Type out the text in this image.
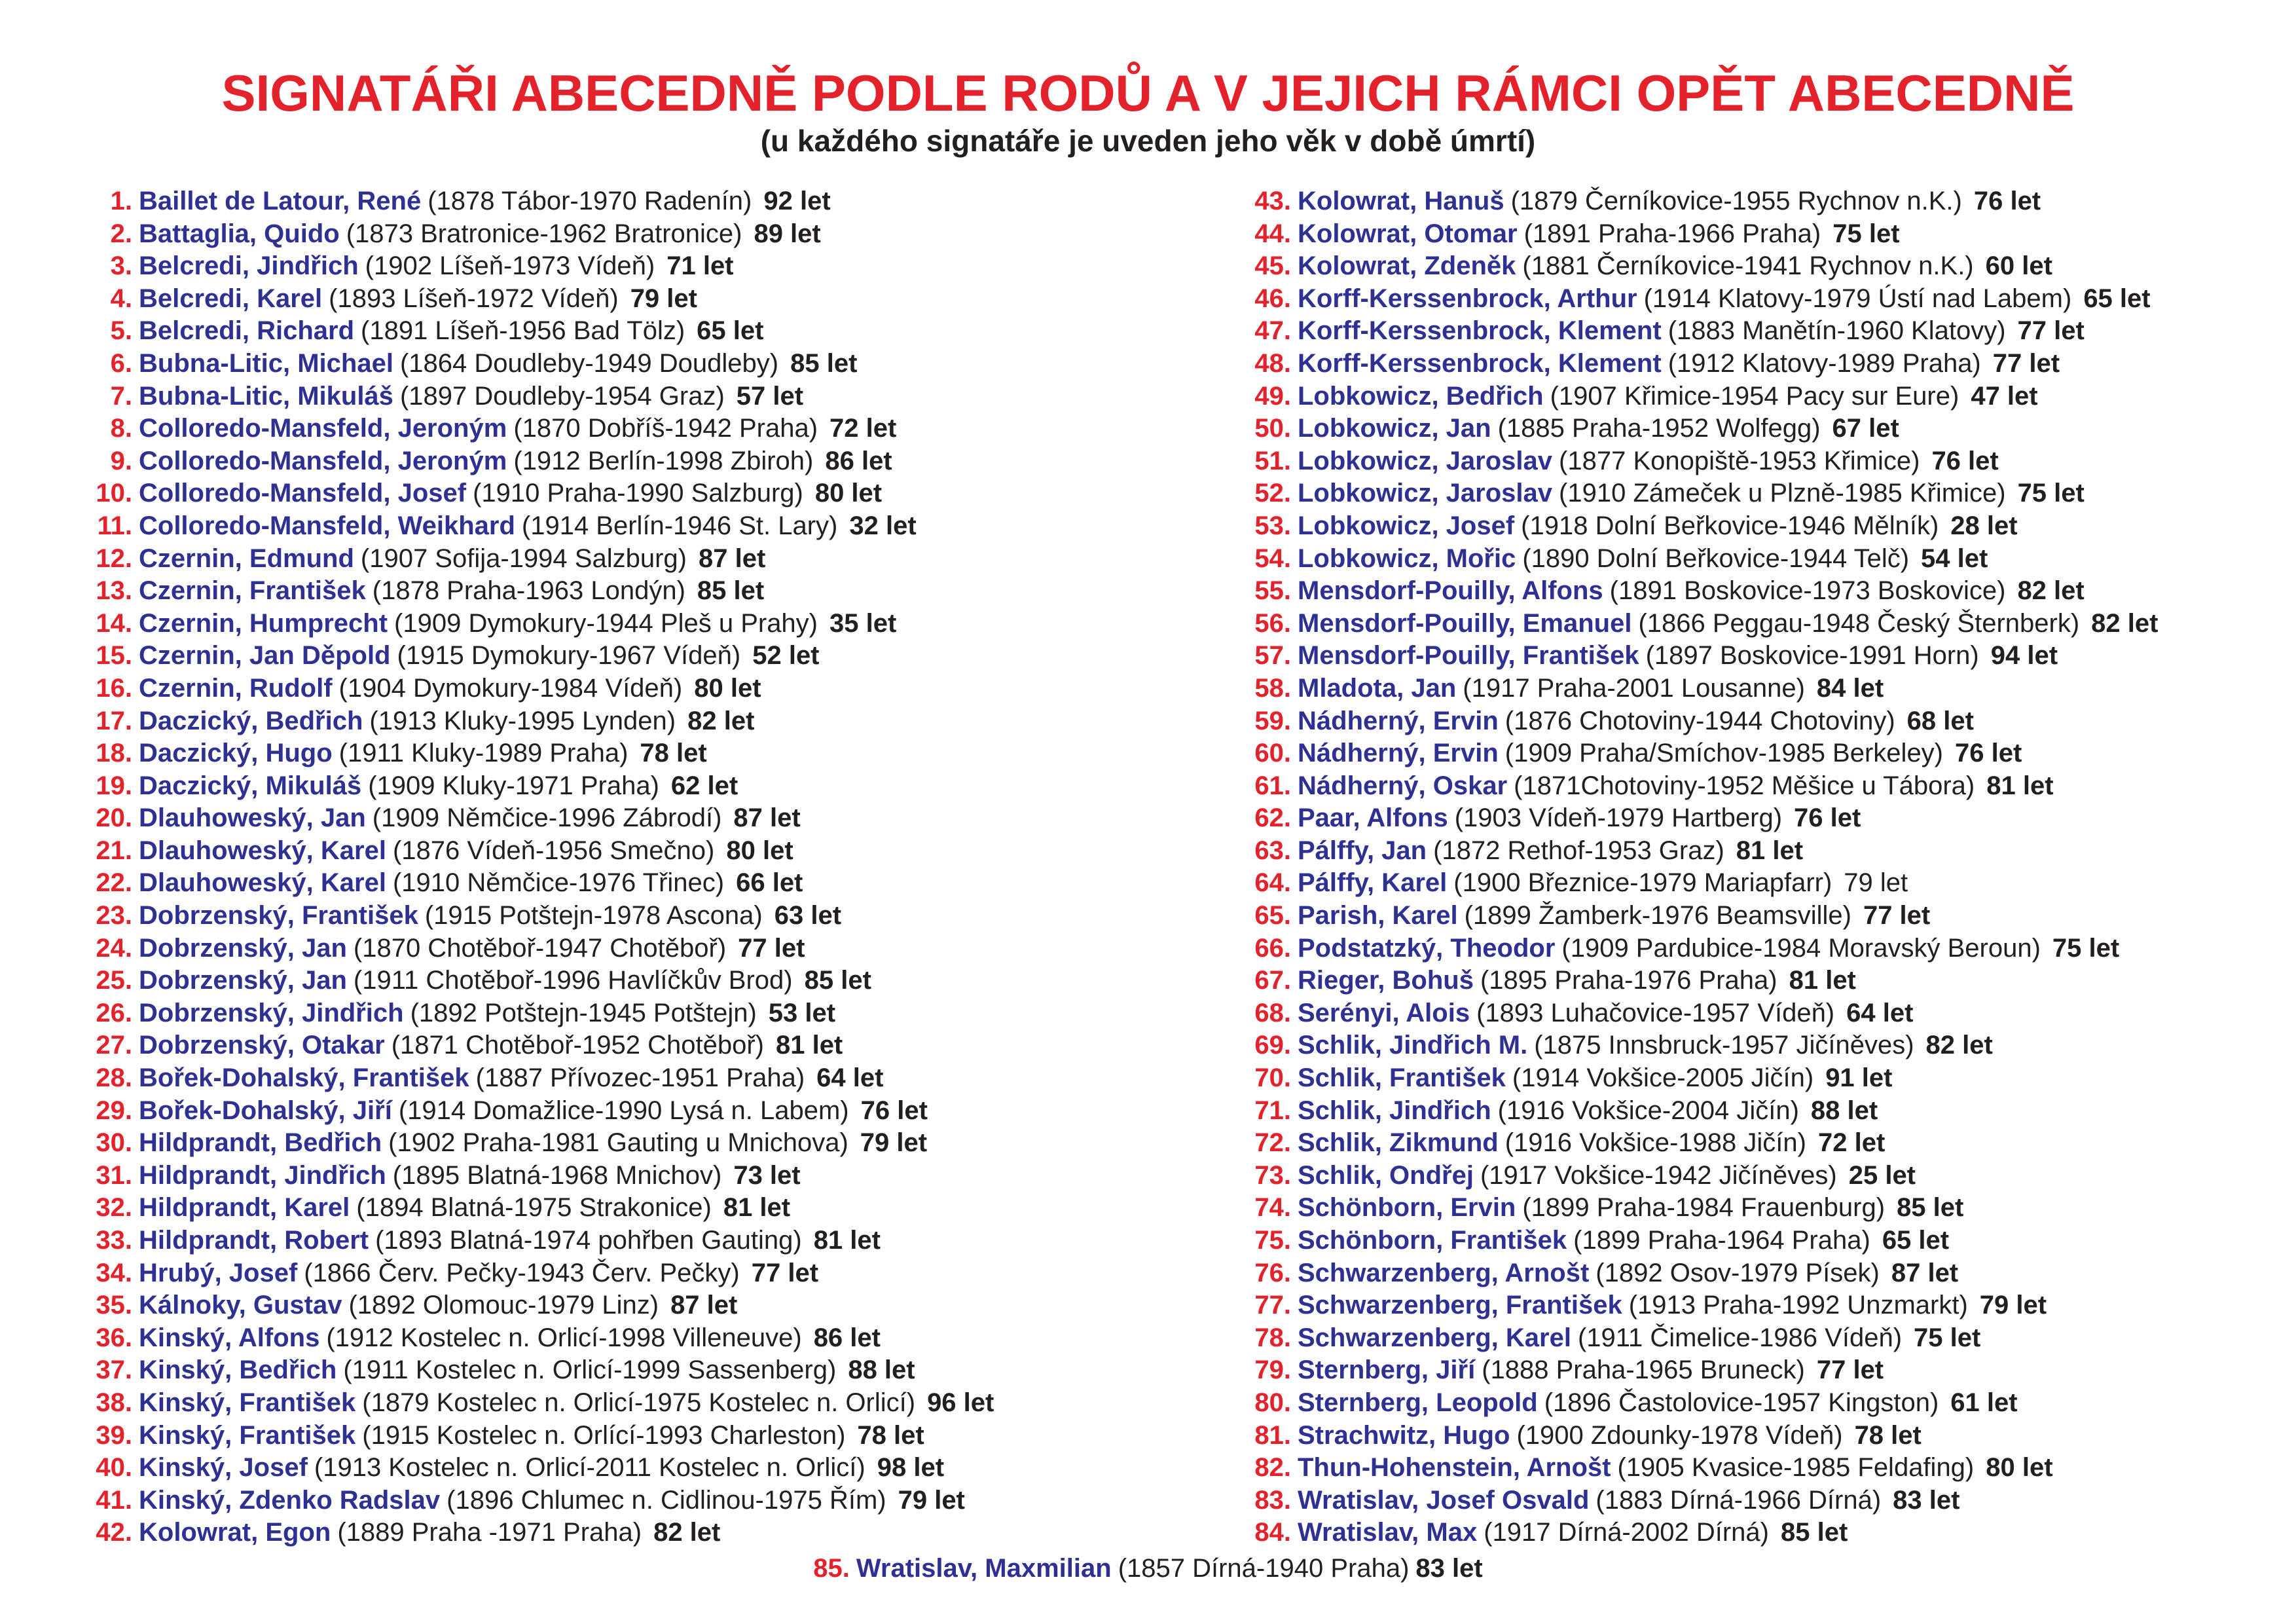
SIGNATÁŘI ABECEDNĚ PODLE RODŮ A V JEJICH RÁMCI OPĚT ABECEDNĚ
(u každého signatáře je uveden jeho věk v době úmrtí)
1. Baillet de Latour, René (1878 Tábor-1970 Radenín) 92 let
2. Battaglia, Quido (1873 Bratronice-1962 Bratronice) 89 let
3. Belcredi, Jindřich (1902 Líšeň-1973 Vídeň) 71 let
4. Belcredi, Karel (1893 Líšeň-1972 Vídeň) 79 let
5. Belcredi, Richard (1891 Líšeň-1956 Bad Tölz) 65 let
6. Bubna-Litic, Michael (1864 Doudleby-1949 Doudleby) 85 let
7. Bubna-Litic, Mikuláš (1897 Doudleby-1954 Graz) 57 let
8. Colloredo-Mansfeld, Jeroným (1870 Dobříš-1942 Praha) 72 let
9. Colloredo-Mansfeld, Jeroným (1912 Berlín-1998 Zbiroh) 86 let
10. Colloredo-Mansfeld, Josef (1910 Praha-1990 Salzburg) 80 let
11. Colloredo-Mansfeld, Weikhard (1914 Berlín-1946 St. Lary) 32 let
12. Czernin, Edmund (1907 Sofija-1994 Salzburg) 87 let
13. Czernin, František (1878 Praha-1963 Londýn) 85 let
14. Czernin, Humprecht (1909 Dymokury-1944 Pleš u Prahy) 35 let
15. Czernin, Jan Děpold (1915 Dymokury-1967 Vídeň) 52 let
16. Czernin, Rudolf (1904 Dymokury-1984 Vídeň) 80 let
17. Daczický, Bedřich (1913 Kluky-1995 Lynden) 82 let
18. Daczický, Hugo (1911 Kluky-1989 Praha) 78 let
19. Daczický, Mikuláš (1909 Kluky-1971 Praha) 62 let
20. Dlauhoweský, Jan (1909 Němčice-1996 Zábrodí) 87 let
21. Dlauhoweský, Karel (1876 Vídeň-1956 Smečno) 80 let
22. Dlauhoweský, Karel (1910 Němčice-1976 Třinec) 66 let
23. Dobrzenský, František (1915 Potštejn-1978 Ascona) 63 let
24. Dobrzenský, Jan (1870 Chotěboř-1947 Chotěboř) 77 let
25. Dobrzenský, Jan (1911 Chotěboř-1996 Havlíčkův Brod) 85 let
26. Dobrzenský, Jindřich (1892 Potštejn-1945 Potštejn) 53 let
27. Dobrzenský, Otakar (1871 Chotěboř-1952 Chotěboř) 81 let
28. Bořek-Dohalský, František (1887 Přívozec-1951 Praha) 64 let
29. Bořek-Dohalský, Jiří (1914 Domažlice-1990 Lysá n. Labem) 76 let
30. Hildprandt, Bedřich (1902 Praha-1981 Gauting u Mnichova) 79 let
31. Hildprandt, Jindřich (1895 Blatná-1968 Mnichov) 73 let
32. Hildprandt, Karel (1894 Blatná-1975 Strakonice) 81 let
33. Hildprandt, Robert (1893 Blatná-1974 pohřben Gauting) 81 let
34. Hrubý, Josef (1866 Červ. Pečky-1943 Červ. Pečky) 77 let
35. Kálnoky, Gustav (1892 Olomouc-1979 Linz) 87 let
36. Kinský, Alfons (1912 Kostelec n. Orlicí-1998 Villeneuve) 86 let
37. Kinský, Bedřich (1911 Kostelec n. Orlicí-1999 Sassenberg) 88 let
38. Kinský, František (1879 Kostelec n. Orlicí-1975 Kostelec n. Orlicí) 96 let
39. Kinský, František (1915 Kostelec n. Orlící-1993 Charleston) 78 let
40. Kinský, Josef (1913 Kostelec n. Orlicí-2011 Kostelec n. Orlicí) 98 let
41. Kinský, Zdenko Radslav (1896 Chlumec n. Cidlinou-1975 Řím) 79 let
42. Kolowrat, Egon (1889 Praha -1971 Praha) 82 let
43. Kolowrat, Hanuš (1879 Černíkovice-1955 Rychnov n.K.) 76 let
44. Kolowrat, Otomar (1891 Praha-1966 Praha) 75 let
45. Kolowrat, Zdeněk (1881 Černíkovice-1941 Rychnov n.K.) 60 let
46. Korff-Kerssenbrock, Arthur (1914 Klatovy-1979 Ústí nad Labem) 65 let
47. Korff-Kerssenbrock, Klement (1883 Manětín-1960 Klatovy) 77 let
48. Korff-Kerssenbrock, Klement (1912 Klatovy-1989 Praha) 77 let
49. Lobkowicz, Bedřich (1907 Křimice-1954 Pacy sur Eure) 47 let
50. Lobkowicz, Jan (1885 Praha-1952 Wolfegg) 67 let
51. Lobkowicz, Jaroslav (1877 Konopiště-1953 Křimice) 76 let
52. Lobkowicz, Jaroslav (1910 Zámeček u Plzně-1985 Křimice) 75 let
53. Lobkowicz, Josef (1918 Dolní Beřkovice-1946 Mělník) 28 let
54. Lobkowicz, Mořic (1890 Dolní Beřkovice-1944 Telč) 54 let
55. Mensdorf-Pouilly, Alfons (1891 Boskovice-1973 Boskovice) 82 let
56. Mensdorf-Pouilly, Emanuel (1866 Peggau-1948 Český Šternberk) 82 let
57. Mensdorf-Pouilly, František (1897 Boskovice-1991 Horn) 94 let
58. Mladota, Jan (1917 Praha-2001 Lousanne) 84 let
59. Nádherný, Ervin (1876 Chotoviny-1944 Chotoviny) 68 let
60. Nádherný, Ervin (1909 Praha/Smíchov-1985 Berkeley) 76 let
61. Nádherný, Oskar (1871Chotoviny-1952 Měšice u Tábora) 81 let
62. Paar, Alfons (1903 Vídeň-1979 Hartberg) 76 let
63. Pálffy, Jan (1872 Rethof-1953 Graz) 81 let
64. Pálffy, Karel (1900 Březnice-1979 Mariapfarr) 79 let
65. Parish, Karel (1899 Žamberk-1976 Beamsville) 77 let
66. Podstatzký, Theodor (1909 Pardubice-1984 Moravský Beroun) 75 let
67. Rieger, Bohuš (1895 Praha-1976 Praha) 81 let
68. Serényi, Alois (1893 Luhačovice-1957 Vídeň) 64 let
69. Schlik, Jindřich M. (1875 Innsbruck-1957 Jičíněves) 82 let
70. Schlik, František (1914 Vokšice-2005 Jičín) 91 let
71. Schlik, Jindřich (1916 Vokšice-2004 Jičín) 88 let
72. Schlik, Zikmund (1916 Vokšice-1988 Jičín) 72 let
73. Schlik, Ondřej (1917 Vokšice-1942 Jičíněves) 25 let
74. Schönborn, Ervin (1899 Praha-1984 Frauenburg) 85 let
75. Schönborn, František (1899 Praha-1964 Praha) 65 let
76. Schwarzenberg, Arnošt (1892 Osov-1979 Písek) 87 let
77. Schwarzenberg, František (1913 Praha-1992 Unzmarkt) 79 let
78. Schwarzenberg, Karel (1911 Čimelice-1986 Vídeň) 75 let
79. Sternberg, Jiří (1888 Praha-1965 Bruneck) 77 let
80. Sternberg, Leopold (1896 Častolovice-1957 Kingston) 61 let
81. Strachwitz, Hugo (1900 Zdounky-1978 Vídeň) 78 let
82. Thun-Hohenstein, Arnošt (1905 Kvasice-1985 Feldafing) 80 let
83. Wratislav, Josef Osvald (1883 Dírná-1966 Dírná) 83 let
84. Wratislav, Max (1917 Dírná-2002 Dírná) 85 let
85. Wratislav, Maxmilian (1857 Dírná-1940 Praha) 83 let
